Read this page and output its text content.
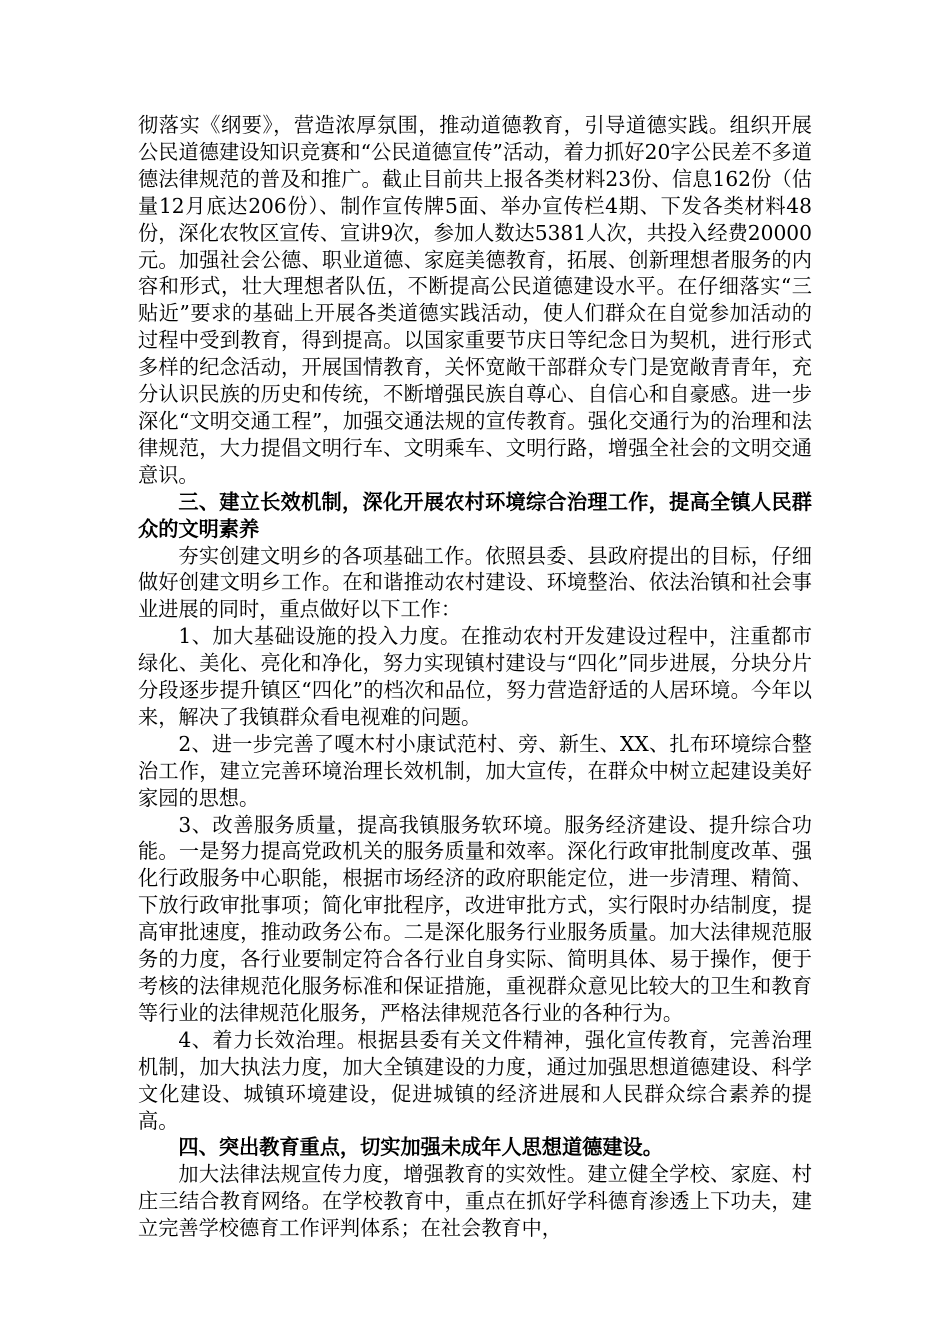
彻落实《纲要》，营造浓厚氛围，推动道德教育，引导道德实践。组织开展公民道德建设知识竞赛和“公民道德宣传”活动，着力抓好20字公民差不多道德法律规范的普及和推广。截止目前共上报各类材料23份、信息162份（估量12月底达206份）、制作宣传牌5面、举办宣传栏4期、下发各类材料48份，深化农牧区宣传、宣讲9次，参加人数达5381人次，共投入经费20000元。加强社会公德、职业道德、家庭美德教育，拓展、创新理想者服务的内容和形式，壮大理想者队伍，不断提高公民道德建设水平。在仔细落实“三贴近”要求的基础上开展各类道德实践活动，使人们群众在自觉参加活动的过程中受到教育，得到提高。以国家重要节庆日等纪念日为契机，进行形式多样的纪念活动，开展国情教育，关怀宽敞干部群众专门是宽敞青青年，充分认识民族的历史和传统，不断增强民族自尊心、自信心和自豪感。进一步深化“文明交通工程”，加强交通法规的宣传教育。强化交通行为的治理和法律规范，大力提倡文明行车、文明乘车、文明行路，增强全社会的文明交通意识。

三、建立长效机制，深化开展农村环境综合治理工作，提高全镇人民群众的文明素养

夯实创建文明乡的各项基础工作。依照县委、县政府提出的目标，仔细做好创建文明乡工作。在和谐推动农村建设、环境整治、依法治镇和社会事业进展的同时，重点做好以下工作：

1、加大基础设施的投入力度。在推动农村开发建设过程中，注重都市绿化、美化、亮化和净化，努力实现镇村建设与“四化”同步进展，分块分片分段逐步提升镇区“四化”的档次和品位，努力营造舒适的人居环境。今年以来，解决了我镇群众看电视难的问题。

2、进一步完善了嘎木村小康试范村、旁、新生、XX、扎布环境综合整治工作，建立完善环境治理长效机制，加大宣传，在群众中树立起建设美好家园的思想。

3、改善服务质量，提高我镇服务软环境。服务经济建设、提升综合功能。一是努力提高党政机关的服务质量和效率。深化行政审批制度改革、强化行政服务中心职能，根据市场经济的政府职能定位，进一步清理、精简、下放行政审批事项；简化审批程序，改进审批方式，实行限时办结制度，提高审批速度，推动政务公布。二是深化服务行业服务质量。加大法律规范服务的力度，各行业要制定符合各行业自身实际、简明具体、易于操作，便于考核的法律规范化服务标准和保证措施，重视群众意见比较大的卫生和教育等行业的法律规范化服务，严格法律规范各行业的各种行为。

4、着力长效治理。根据县委有关文件精神，强化宣传教育，完善治理机制，加大执法力度，加大全镇建设的力度，通过加强思想道德建设、科学文化建设、城镇环境建设，促进城镇的经济进展和人民群众综合素养的提高。

四、突出教育重点，切实加强未成年人思想道德建设。

加大法律法规宣传力度，增强教育的实效性。建立健全学校、家庭、村庄三结合教育网络。在学校教育中，重点在抓好学科德育渗透上下功夫，建立完善学校德育工作评判体系；在社会教育中，
